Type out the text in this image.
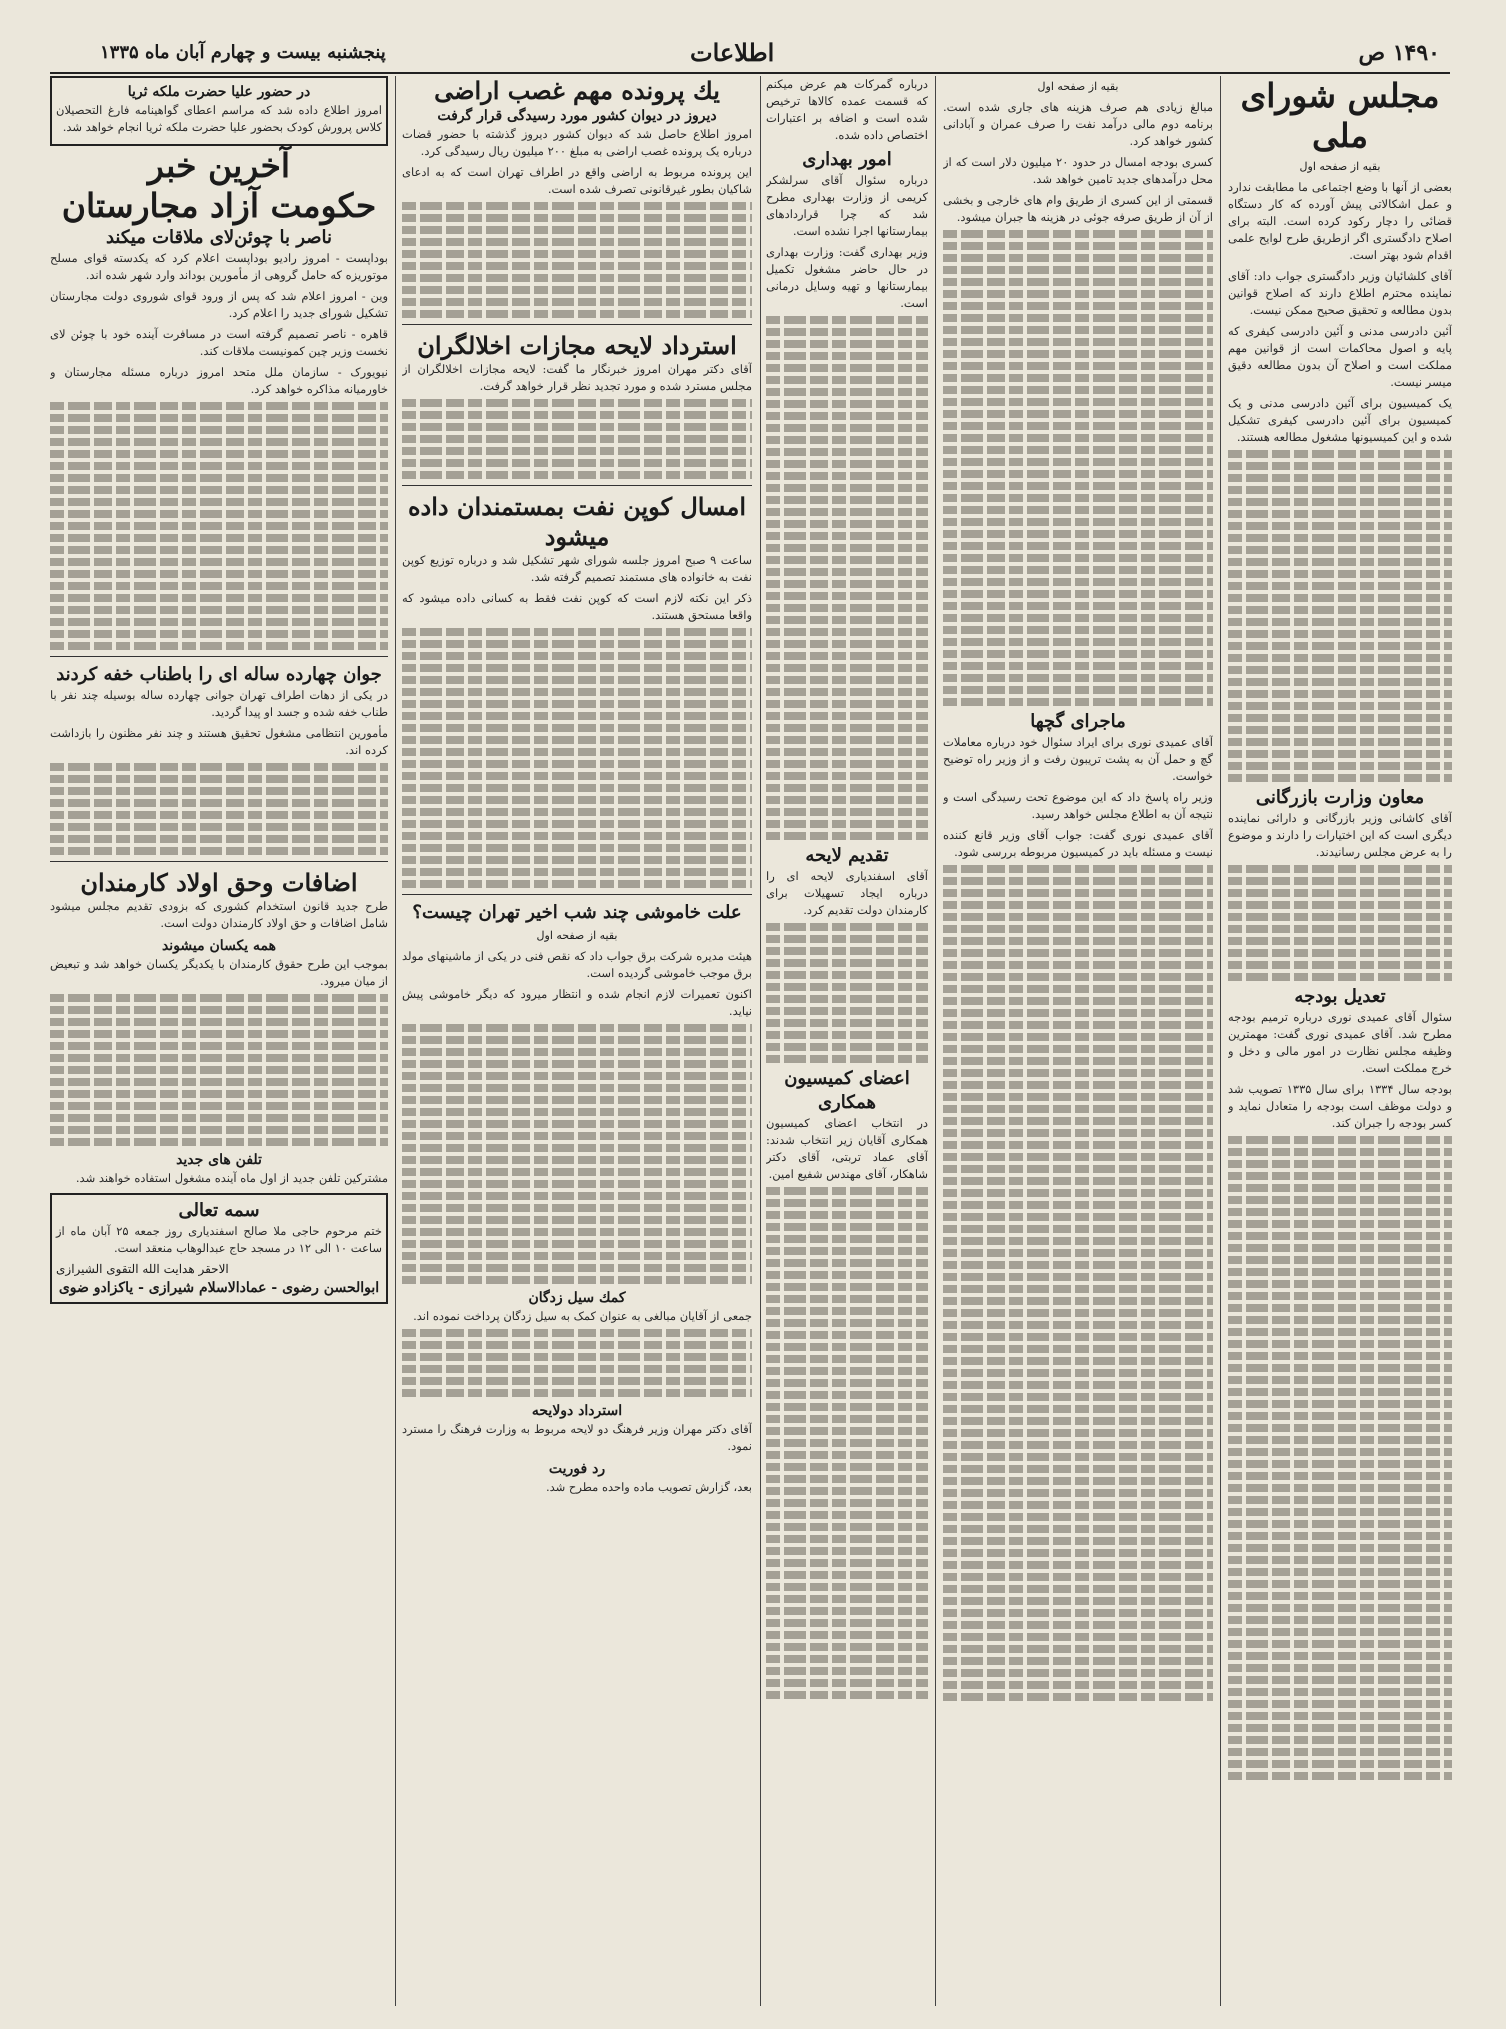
۱۴۹۰ ص
اطلاعات
پنجشنبه بیست و چهارم آبان ماه ۱۳۳۵
مجلس شورای ملی
بقیه از صفحه اول

بعضی از آنها با وضع اجتماعی ما مطابقت ندارد و عمل اشکالاتی پیش آورده که کار دستگاه قضائی را دچار رکود کرده است. البته برای اصلاح دادگستری اگر ازطریق طرح لوایح علمی اقدام شود بهتر است.

آقای کلشائیان وزیر دادگستری جواب داد: آقای نماینده محترم اطلاع دارند که اصلاح قوانین بدون مطالعه و تحقیق صحیح ممکن نیست.

آئین دادرسی مدنی و آئین دادرسی کیفری که پایه و اصول محاکمات است از قوانین مهم مملکت است و اصلاح آن بدون مطالعه دقیق میسر نیست.

یک کمیسیون برای آئین دادرسی مدنی و یک کمیسیون برای آئین دادرسی کیفری تشکیل شده و این کمیسیونها مشغول مطالعه هستند.

معاون وزارت بازرگانی

آقای کاشانی وزیر بازرگانی و دارائی نماینده دیگری است که این اختیارات را دارند و موضوع را به عرض مجلس رسانیدند.

تعدیل بودجه

سئوال آقای عمیدی نوری درباره ترمیم بودجه مطرح شد. آقای عمیدی نوری گفت: مهمترین وظیفه مجلس نظارت در امور مالی و دخل و خرج مملکت است.

بودجه سال ۱۳۳۴ برای سال ۱۳۳۵ تصویب شد و دولت موظف است بودجه را متعادل نماید و کسر بودجه را جبران کند.

بقیه از صفحه اول

مبالغ زیادی هم صرف هزینه های جاری شده است. برنامه دوم مالی درآمد نفت را صرف عمران و آبادانی کشور خواهد کرد.

کسری بودجه امسال در حدود ۲۰ میلیون دلار است که از محل درآمدهای جدید تامین خواهد شد.

قسمتی از این کسری از طریق وام های خارجی و بخشی از آن از طریق صرفه جوئی در هزینه ها جبران میشود.

ماجرای گچها

آقای عمیدی نوری برای ایراد سئوال خود درباره معاملات گچ و حمل آن به پشت تریبون رفت و از وزیر راه توضیح خواست.

وزیر راه پاسخ داد که این موضوع تحت رسیدگی است و نتیجه آن به اطلاع مجلس خواهد رسید.

آقای عمیدی نوری گفت: جواب آقای وزیر قانع کننده نیست و مسئله باید در کمیسیون مربوطه بررسی شود.

درباره گمرکات هم عرض میکنم که قسمت عمده کالاها ترخیص شده است و اضافه بر اعتبارات اختصاص داده شده.

امور بهداری

درباره سئوال آقای سرلشکر کریمی از وزارت بهداری مطرح شد که چرا قراردادهای بیمارستانها اجرا نشده است.

وزیر بهداری گفت: وزارت بهداری در حال حاضر مشغول تکمیل بیمارستانها و تهیه وسایل درمانی است.

تقدیم لایحه

آقای اسفندیاری لایحه ای را درباره ایجاد تسهیلات برای کارمندان دولت تقدیم کرد.

اعضای کمیسیون همکاری

در انتخاب اعضای کمیسیون همکاری آقایان زیر انتخاب شدند: آقای عماد تربتی، آقای دکتر شاهکار، آقای مهندس شفیع امین.

یك پرونده مهم غصب اراضی
دیروز در دیوان کشور مورد رسیدگی قرار گرفت

امروز اطلاع حاصل شد که دیوان کشور دیروز گذشته با حضور قضات درباره یک پرونده غصب اراضی به مبلغ ۲۰۰ میلیون ریال رسیدگی کرد.

این پرونده مربوط به اراضی واقع در اطراف تهران است که به ادعای شاکیان بطور غیرقانونی تصرف شده است.

استرداد لایحه مجازات اخلالگران

آقای دکتر مهران امروز خبرنگار ما گفت: لایحه مجازات اخلالگران از مجلس مسترد شده و مورد تجدید نظر قرار خواهد گرفت.

امسال کوپن نفت بمستمندان داده میشود

ساعت ۹ صبح امروز جلسه شورای شهر تشکیل شد و درباره توزیع کوپن نفت به خانواده های مستمند تصمیم گرفته شد.

ذکر این نکته لازم است که کوپن نفت فقط به کسانی داده میشود که واقعا مستحق هستند.

علت خاموشی چند شب اخیر تهران چیست؟
بقیه از صفحه اول

هیئت مدیره شرکت برق جواب داد که نقص فنی در یکی از ماشینهای مولد برق موجب خاموشی گردیده است.

اکنون تعمیرات لازم انجام شده و انتظار میرود که دیگر خاموشی پیش نیاید.

کمك سیل زدگان

جمعی از آقایان مبالغی به عنوان کمک به سیل زدگان پرداخت نموده اند.

استرداد دولایحه

آقای دکتر مهران وزیر فرهنگ دو لایحه مربوط به وزارت فرهنگ را مسترد نمود.

رد فوریت

بعد، گزارش تصویب ماده واحده مطرح شد.

در حضور علیا حضرت ملکه ثریا

امروز اطلاع داده شد که مراسم اعطای گواهینامه فارغ التحصیلان کلاس پرورش کودک بحضور علیا حضرت ملکه ثریا انجام خواهد شد.

آخرین خبر
حکومت آزاد مجارستان
ناصر با چوئن‌لای ملاقات میکند

بوداپست - امروز رادیو بوداپست اعلام کرد که یکدسته قوای مسلح موتوریزه که حامل گروهی از مأمورین بوداند وارد شهر شده اند.

وین - امروز اعلام شد که پس از ورود قوای شوروی دولت مجارستان تشکیل شورای جدید را اعلام کرد.

قاهره - ناصر تصمیم گرفته است در مسافرت آینده خود با چوئن لای نخست وزیر چین کمونیست ملاقات کند.

نیویورک - سازمان ملل متحد امروز درباره مسئله مجارستان و خاورمیانه مذاکره خواهد کرد.

جوان چهارده ساله ای را باطناب خفه کردند

در یکی از دهات اطراف تهران جوانی چهارده ساله بوسیله چند نفر با طناب خفه شده و جسد او پیدا گردید.

مأمورین انتظامی مشغول تحقیق هستند و چند نفر مظنون را بازداشت کرده اند.

اضافات وحق اولاد کارمندان

طرح جدید قانون استخدام کشوری که بزودی تقدیم مجلس میشود شامل اضافات و حق اولاد کارمندان دولت است.

همه یکسان میشوند

بموجب این طرح حقوق کارمندان با یکدیگر یکسان خواهد شد و تبعیض از میان میرود.

تلفن های جدید

مشترکین تلفن جدید از اول ماه آینده مشغول استفاده خواهند شد.

سمه تعالی

ختم مرحوم حاجی ملا صالح اسفندیاری روز جمعه ۲۵ آبان ماه از ساعت ۱۰ الی ۱۲ در مسجد حاج عبدالوهاب منعقد است.

الاحقر هدایت الله التقوی الشیرازی
ابوالحسن رضوی - عمادالاسلام شیرازی - یاکزادو ضوی
